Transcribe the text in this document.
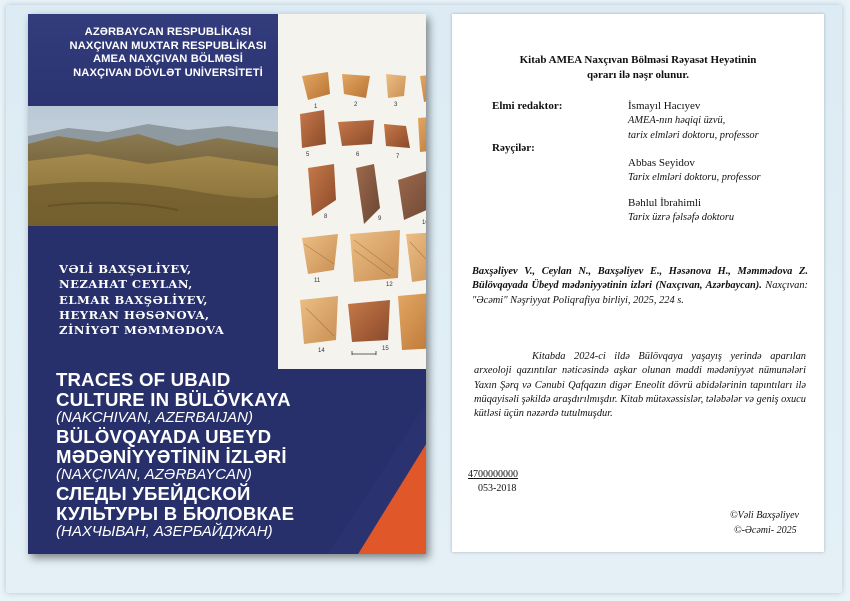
1	2	3
5	6	7
8	9
10
11
12
14	15
AZƏRBAYCAN RESPUBLİKASI
NAXÇIVAN MUXTAR RESPUBLİKASI
AMEA NAXÇIVAN BÖLMƏSİ
NAXÇIVAN DÖVLƏT UNİVERSİTETİ
VƏLİ BAXŞƏLİYEV,
NEZAHAT CEYLAN,
ELMAR BAXŞƏLİYEV,
HEYRAN HƏSƏNOVA,
ZİNİYƏT MƏMMƏDOVA
TRACES OF UBAID
CULTURE IN BÜLÖVKAYA
(NAKCHIVAN, AZERBAIJAN)
BÜLÖVQAYADA UBEYD
MƏDƏNİYYƏTİNİN İZLƏRİ
(NAXÇIVAN, AZƏRBAYCAN)
СЛЕДЫ УБЕЙДСКОЙ
КУЛЬТУРЫ В БЮЛОВКАЕ
(НАХЧЫВАН, АЗЕРБАЙДЖАН)
Kitab AMEA Naxçıvan Bölməsi Rəyasət Heyətinin
qərarı ilə nəşr olunur.
Elmi redaktor:	İsmayıl Hacıyev
AMEA-nın həqiqi üzvü,
tarix elmləri doktoru, professor
Rəyçilər:
Abbas Seyidov
Tarix elmləri doktoru, professor
Bəhlul İbrahimli
Tarix üzrə fəlsəfə doktoru
Baxşəliyev V., Ceylan N., Baxşəliyev E., Həsənova H., Məmmədova Z. Bülövqayada Übeyd mədəniyyətinin izləri (Naxçıvan, Azərbaycan). Naxçıvan: "Əcəmi" Nəşriyyat Poliqrafiya birliyi, 2025, 224 s.
Kitabda 2024-ci ildə Bülövqaya yaşayış yerində aparılan arxeoloji qazıntılar nəticəsində aşkar olunan maddi mədəniyyət nümunələri Yaxın Şərq və Cənubi Qafqazın digər Eneolit dövrü abidələrinin tapıntıları ilə müqayisəli şəkildə araşdırılmışdır. Kitab mütəxəssislər, tələbələr və geniş oxucu kütləsi üçün nəzərdə tutulmuşdur.
4700000000
053-2018
©Vəli Baxşəliyev
©-Əcəmi- 2025
